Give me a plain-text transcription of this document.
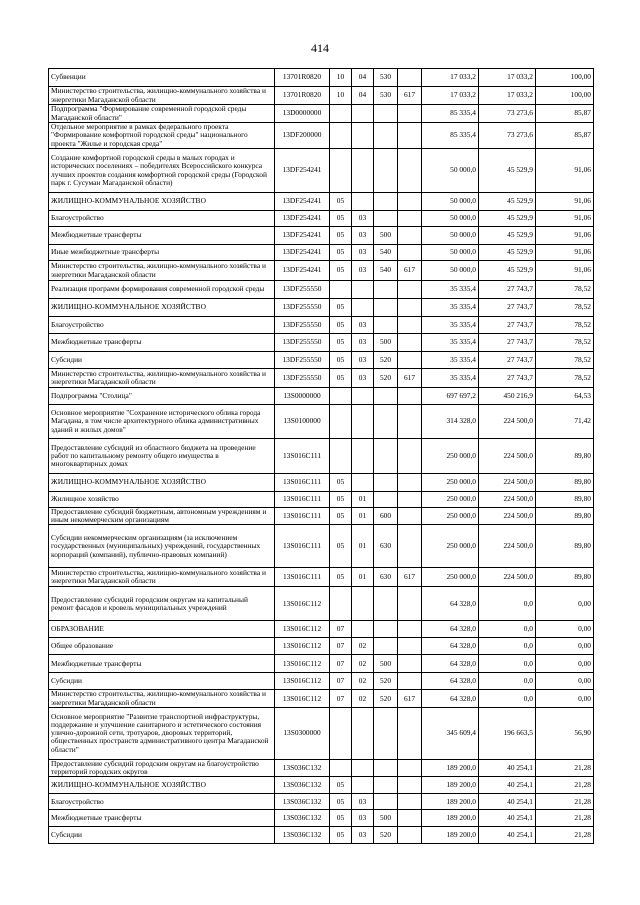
414
Субвенции	13701R0820	10	04	530		17 033,2	17 033,2	100,00
Министерство строительства, жилищно-коммунального хозяйства и энергетики Магаданской области	13701R0820	10	04	530	617	17 033,2	17 033,2	100,00
Подпрограмма "Формирование современной городской среды Магаданской области"	13D0000000					85 335,4	73 273,6	85,87
Отдельное мероприятие в рамках федерального проекта "Формирование комфортной городской среды" национального проекта "Жилье и городская среда"	13DF200000					85 335,4	73 273,6	85,87
Создание комфортной городской среды в малых городах и исторических поселениях – победителях Всероссийского конкурса лучших проектов создания комфортной городской среды (Городской парк г. Сусуман Магаданской области)	13DF254241					50 000,0	45 529,9	91,06
ЖИЛИЩНО-КОММУНАЛЬНОЕ ХОЗЯЙСТВО	13DF254241	05				50 000,0	45 529,9	91,06
Благоустройство	13DF254241	05	03			50 000,0	45 529,9	91,06
Межбюджетные трансферты	13DF254241	05	03	500		50 000,0	45 529,9	91,06
Иные межбюджетные трансферты	13DF254241	05	03	540		50 000,0	45 529,9	91,06
Министерство строительства, жилищно-коммунального хозяйства и энергетики Магаданской области	13DF254241	05	03	540	617	50 000,0	45 529,9	91,06
Реализация программ формирования современной городской среды	13DF255550					35 335,4	27 743,7	78,52
ЖИЛИЩНО-КОММУНАЛЬНОЕ ХОЗЯЙСТВО	13DF255550	05				35 335,4	27 743,7	78,52
Благоустройство	13DF255550	05	03			35 335,4	27 743,7	78,52
Межбюджетные трансферты	13DF255550	05	03	500		35 335,4	27 743,7	78,52
Субсидии	13DF255550	05	03	520		35 335,4	27 743,7	78,52
Министерство строительства, жилищно-коммунального хозяйства и энергетики Магаданской области	13DF255550	05	03	520	617	35 335,4	27 743,7	78,52
Подпрограмма "Столица"	13S0000000					697 697,2	450 216,9	64,53
Основное мероприятие "Сохранение исторического облика города Магадана, в том числе архитектурного облика административных зданий и жилых домов"	13S0100000					314 328,0	224 500,0	71,42
Предоставление субсидий из областного бюджета на проведение работ по капитальному ремонту общего имущества в многоквартирных домах	13S016C111					250 000,0	224 500,0	89,80
ЖИЛИЩНО-КОММУНАЛЬНОЕ ХОЗЯЙСТВО	13S016C111	05				250 000,0	224 500,0	89,80
Жилищное хозяйство	13S016C111	05	01			250 000,0	224 500,0	89,80
Предоставление субсидий бюджетным, автономным учреждениям и иным некоммерческим организациям	13S016C111	05	01	600		250 000,0	224 500,0	89,80
Субсидии некоммерческим организациям (за исключением государственных (муниципальных) учреждений, государственных корпораций (компаний), публично-правовых компаний)	13S016C111	05	01	630		250 000,0	224 500,0	89,80
Министерство строительства, жилищно-коммунального хозяйства и энергетики Магаданской области	13S016C111	05	01	630	617	250 000,0	224 500,0	89,80
Предоставление субсидий городским округам на капитальный ремонт фасадов и кровель муниципальных учреждений	13S016C112					64 328,0	0,0	0,00
ОБРАЗОВАНИЕ	13S016C112	07				64 328,0	0,0	0,00
Общее образование	13S016C112	07	02			64 328,0	0,0	0,00
Межбюджетные трансферты	13S016C112	07	02	500		64 328,0	0,0	0,00
Субсидии	13S016C112	07	02	520		64 328,0	0,0	0,00
Министерство строительства, жилищно-коммунального хозяйства и энергетики Магаданской области	13S016C112	07	02	520	617	64 328,0	0,0	0,00
Основное мероприятие "Развитие транспортной инфраструктуры, поддержание и улучшение санитарного и эстетического состояния улично-дорожной сети, тротуаров, дворовых территорий, общественных пространств административного центра Магаданской области"	13S0300000					345 609,4	196 663,5	56,90
Предоставление субсидий городским округам на благоустройство территорий городских округов	13S036C132					189 200,0	40 254,1	21,28
ЖИЛИЩНО-КОММУНАЛЬНОЕ ХОЗЯЙСТВО	13S036C132	05				189 200,0	40 254,1	21,28
Благоустройство	13S036C132	05	03			189 200,0	40 254,1	21,28
Межбюджетные трансферты	13S036C132	05	03	500		189 200,0	40 254,1	21,28
Субсидии	13S036C132	05	03	520		189 200,0	40 254,1	21,28
